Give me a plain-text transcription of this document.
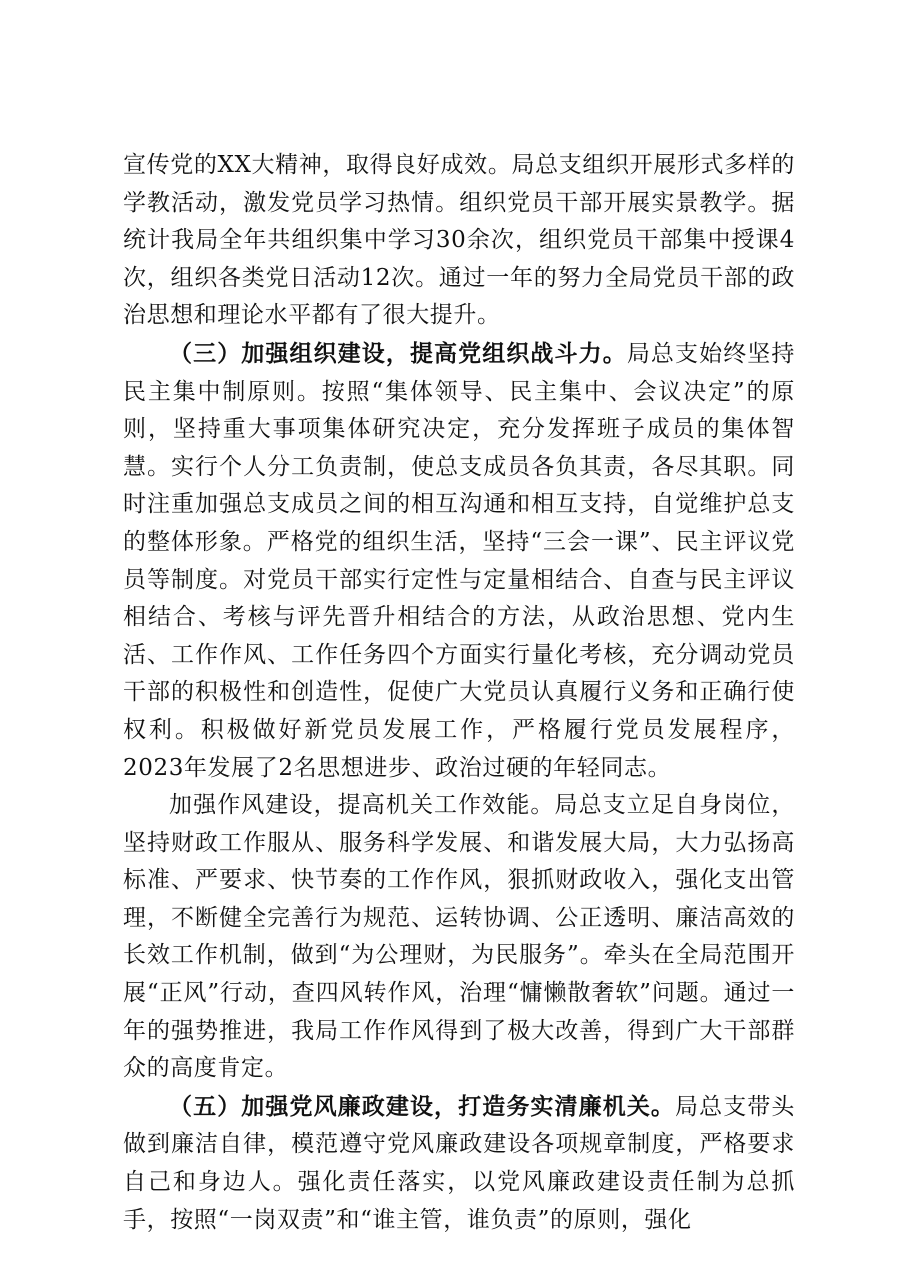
宣传党的XX大精神，取得良好成效。局总支组织开展形式多样的学教活动，激发党员学习热情。组织党员干部开展实景教学。据统计我局全年共组织集中学习30余次，组织党员干部集中授课4次，组织各类党日活动12次。通过一年的努力全局党员干部的政治思想和理论水平都有了很大提升。

（三）加强组织建设，提高党组织战斗力。局总支始终坚持民主集中制原则。按照“集体领导、民主集中、会议决定”的原则，坚持重大事项集体研究决定，充分发挥班子成员的集体智慧。实行个人分工负责制，使总支成员各负其责，各尽其职。同时注重加强总支成员之间的相互沟通和相互支持，自觉维护总支的整体形象。严格党的组织生活，坚持“三会一课”、民主评议党员等制度。对党员干部实行定性与定量相结合、自查与民主评议相结合、考核与评先晋升相结合的方法，从政治思想、党内生活、工作作风、工作任务四个方面实行量化考核，充分调动党员干部的积极性和创造性，促使广大党员认真履行义务和正确行使权利。积极做好新党员发展工作，严格履行党员发展程序，2023年发展了2名思想进步、政治过硬的年轻同志。

加强作风建设，提高机关工作效能。局总支立足自身岗位，坚持财政工作服从、服务科学发展、和谐发展大局，大力弘扬高标准、严要求、快节奏的工作作风，狠抓财政收入，强化支出管理，不断健全完善行为规范、运转协调、公正透明、廉洁高效的长效工作机制，做到“为公理财，为民服务”。牵头在全局范围开展“正风”行动，查四风转作风，治理“慵懒散奢软”问题。通过一年的强势推进，我局工作作风得到了极大改善，得到广大干部群众的高度肯定。

（五）加强党风廉政建设，打造务实清廉机关。局总支带头做到廉洁自律，模范遵守党风廉政建设各项规章制度，严格要求自己和身边人。强化责任落实，以党风廉政建设责任制为总抓手，按照“一岗双责”和“谁主管，谁负责”的原则，强化
